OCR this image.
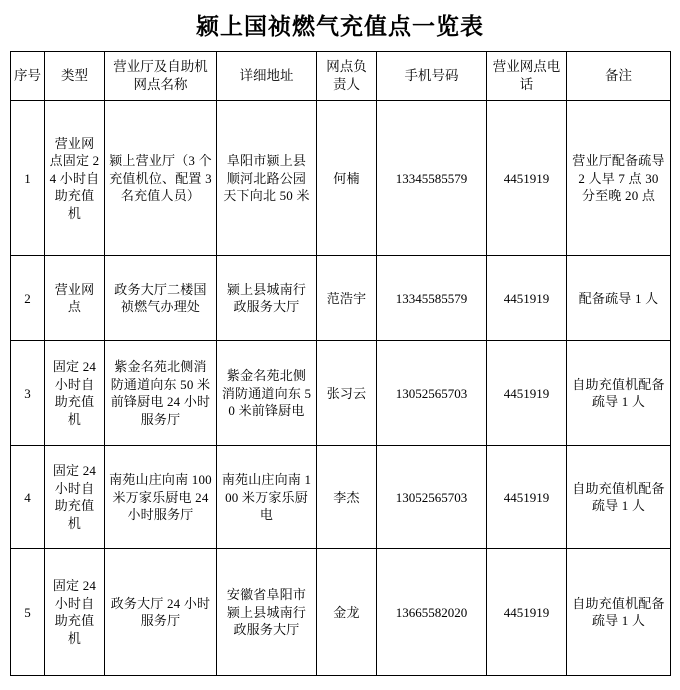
颍上国祯燃气充值点一览表
序号	类型	营业厅及自助机网点名称	详细地址	网点负责人	手机号码	营业网点电话	备注
1	营业网点固定 24 小时自助充值机	颍上营业厅（3 个充值机位、配置 3 名充值人员）	阜阳市颍上县顺河北路公园天下向北 50 米	何楠	13345585579	4451919	营业厅配备疏导 2 人早 7 点 30 分至晚 20 点
2	营业网点	政务大厅二楼国祯燃气办理处	颍上县城南行政服务大厅	范浩宇	13345585579	4451919	配备疏导 1 人
3	固定 24 小时自助充值机	紫金名苑北侧消防通道向东 50 米前锋厨电 24 小时服务厅	紫金名苑北侧消防通道向东 50 米前锋厨电	张习云	13052565703	4451919	自助充值机配备疏导 1 人
4	固定 24 小时自助充值机	南苑山庄向南 100 米万家乐厨电 24 小时服务厅	南苑山庄向南 100 米万家乐厨电	李杰	13052565703	4451919	自助充值机配备疏导 1 人
5	固定 24 小时自助充值机	政务大厅 24 小时服务厅	安徽省阜阳市颍上县城南行政服务大厅	金龙	13665582020	4451919	自助充值机配备疏导 1 人
